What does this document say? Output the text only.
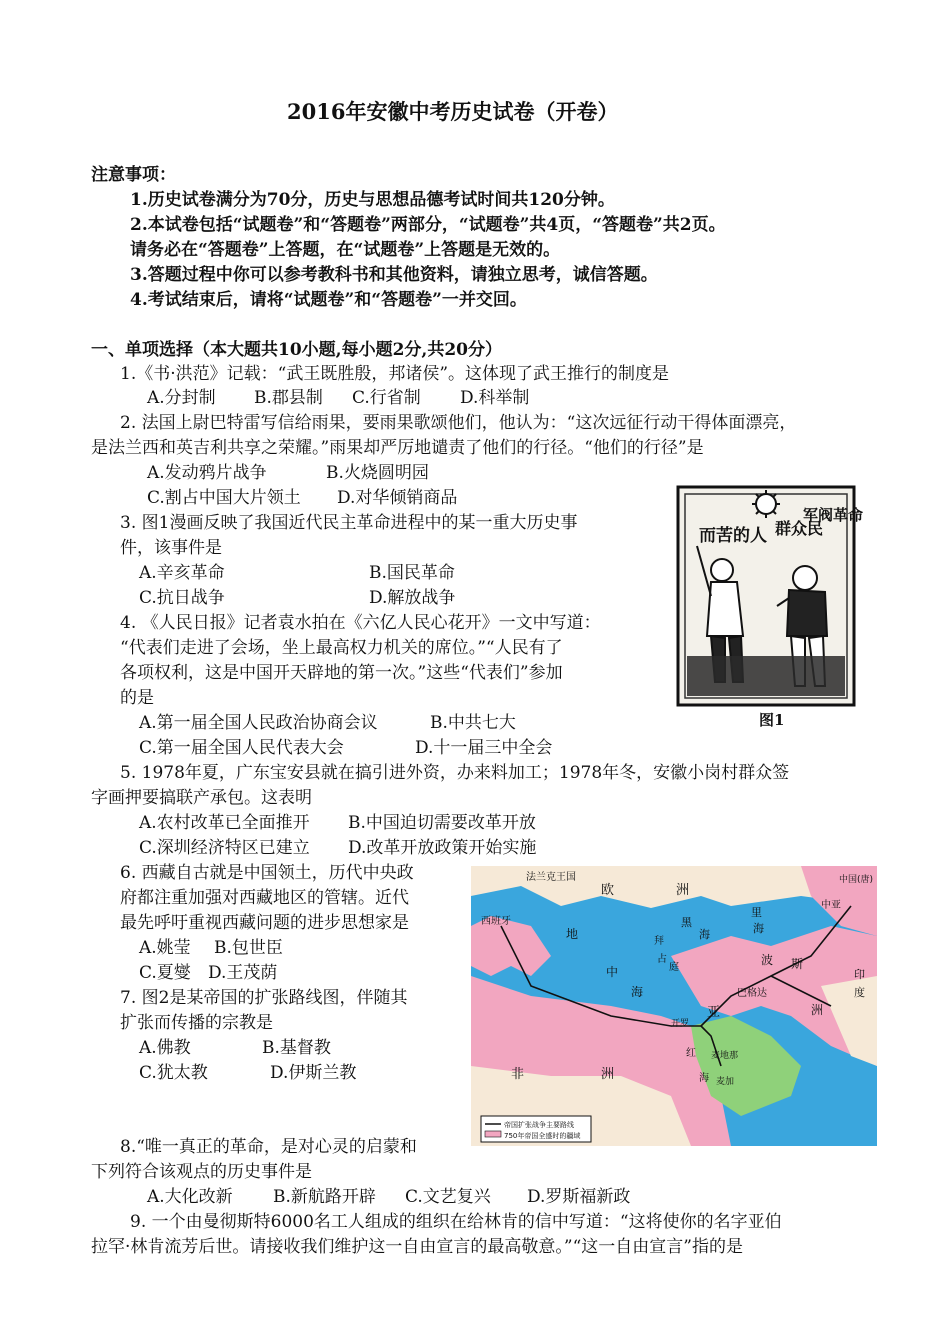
2016年安徽中考历史试卷（开卷）
注意事项：
1.历史试卷满分为70分，历史与思想品德考试时间共120分钟。
2.本试卷包括“试题卷”和“答题卷”两部分，“试题卷”共4页，“答题卷”共2页。
请务必在“答题卷”上答题，在“试题卷”上答题是无效的。
3.答题过程中你可以参考教科书和其他资料，请独立思考，诚信答题。
4.考试结束后，请将“试题卷”和“答题卷”一并交回。
一、单项选择（本大题共10小题,每小题2分,共20分）
1.《书·洪范》记载：“武王既胜殷，邦诸侯”。这体现了武王推行的制度是
A.分封制 B.郡县制 C.行省制 D.科举制
2. 法国上尉巴特雷写信给雨果，要雨果歌颂他们，他认为：“这次远征行动干得体面漂亮，
是法兰西和英吉利共享之荣耀。”雨果却严厉地谴责了他们的行径。“他们的行径”是
A.发动鸦片战争	B.火烧圆明园
C.割占中国大片领土 D.对华倾销商品
3. 图1漫画反映了我国近代民主革命进程中的某一重大历史事
件，该事件是
A.辛亥革命	B.国民革命
C.抗日战争	D.解放战争
4. 《人民日报》记者袁水拍在《六亿人民心花开》一文中写道：
“代表们走进了会场，坐上最高权力机关的席位。”“人民有了
各项权利，这是中国开天辟地的第一次。”这些“代表们”参加
的是
A.第一届全国人民政治协商会议	B.中共七大
C.第一届全国人民代表大会	D.十一届三中全会
5. 1978年夏，广东宝安县就在搞引进外资，办来料加工；1978年冬，安徽小岗村群众签
字画押要搞联产承包。这表明
A.农村改革已全面推开 B.中国迫切需要改革开放
C.深圳经济特区已建立 D.改革开放政策开始实施
6. 西藏自古就是中国领土，历代中央政
府都注重加强对西藏地区的管辖。近代
最先呼吁重视西藏问题的进步思想家是
A.姚莹 B.包世臣
C.夏燮 D.王茂荫
7. 图2是某帝国的扩张路线图，伴随其
扩张而传播的宗教是
A.佛教	B.基督教
C.犹太教	D.伊斯兰教
8.“唯一真正的革命，是对心灵的启蒙和
下列符合该观点的历史事件是
A.大化改新 B.新航路开辟 C.文艺复兴 D.罗斯福新政
9. 一个由曼彻斯特6000名工人组成的组织在给林肯的信中写道：“这将使你的名字亚伯
拉罕·林肯流芳后世。请接收我们维护这一自由宣言的最高敬意。”“这一自由宣言”指的是
而苦的人 群众民
军阀革命
图1
帝国扩张战争主要路线
750年帝国全盛时的疆域
法兰克王国
欧	洲
西班牙
地
中
海
黑
海
拜
占
庭
里
海
波 斯
巴格达
亚
开罗
麦地那
麦加
红
海
非	洲
中亚
中国(唐)
印
度
洲
